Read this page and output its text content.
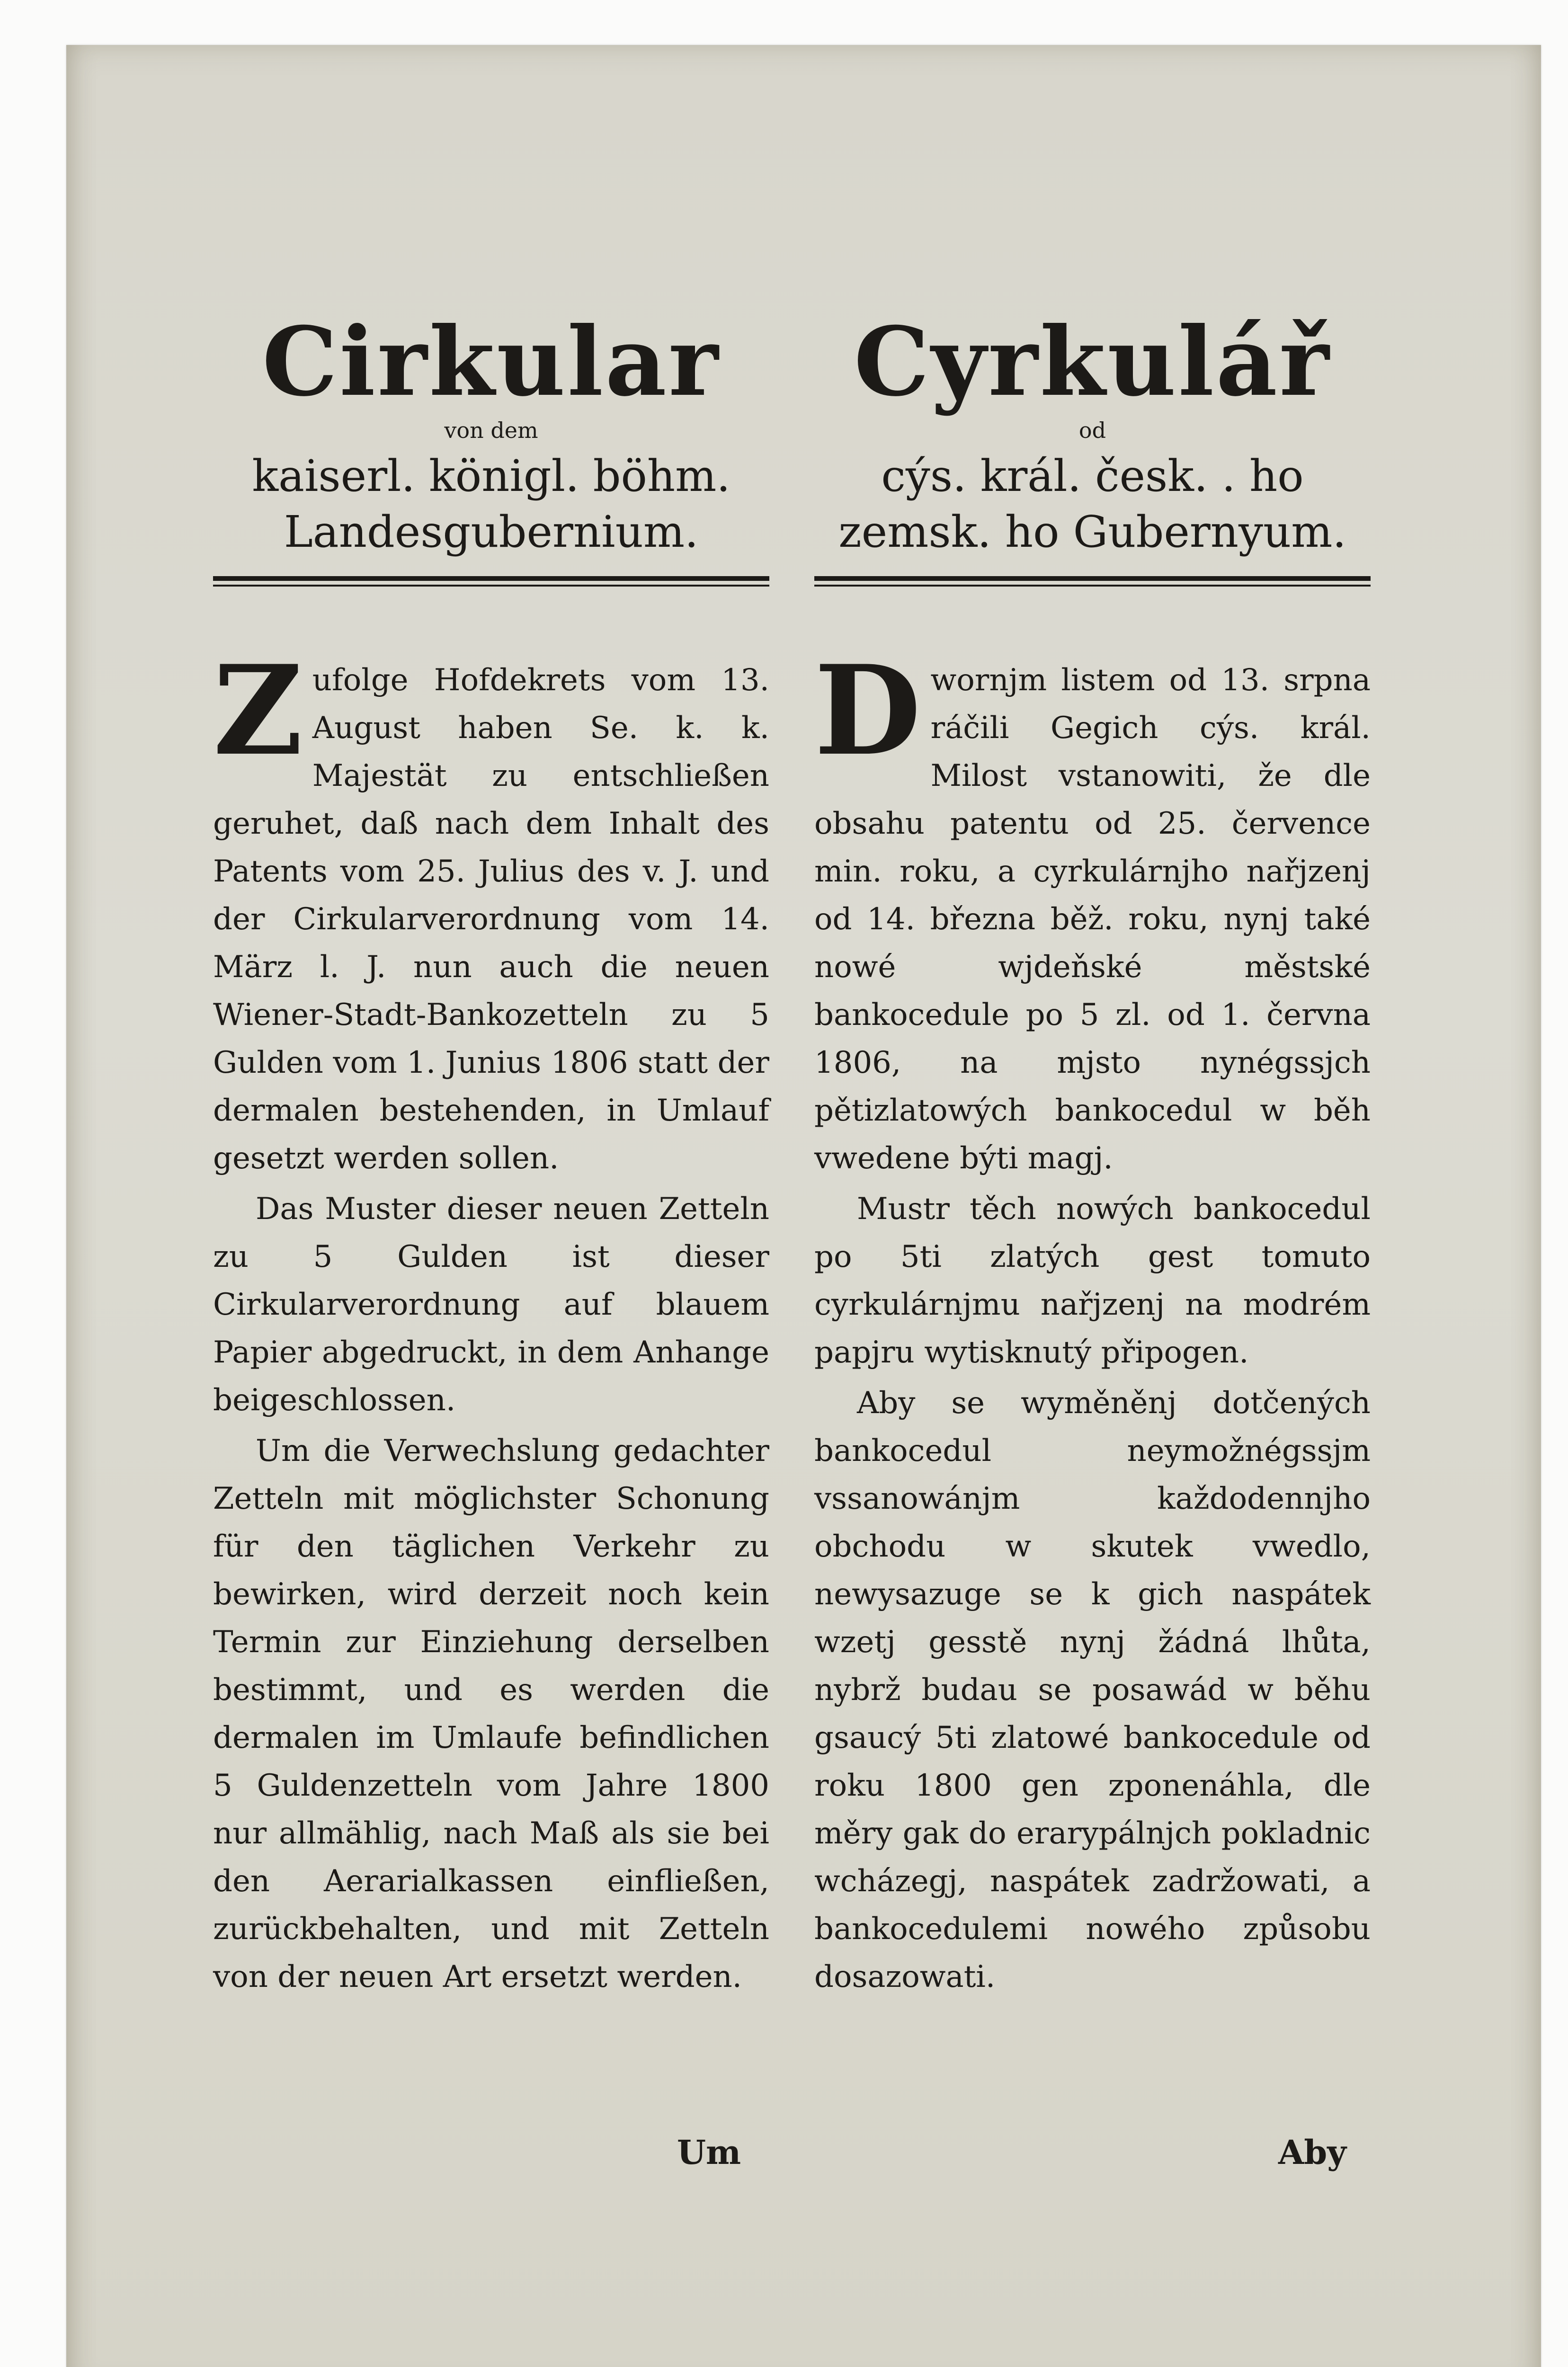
Cirkular

von dem

kaiserl. königl. böhm. Landesgubernium.

Zufolge Hofdekrets vom 13. August haben Se. k. k. Majestät zu entschließen geruhet, daß nach dem Inhalt des Patents vom 25. Julius des v. J. und der Cirkularverordnung vom 14. März l. J. nun auch die neuen Wiener-Stadt-Bankozetteln zu 5 Gulden vom 1. Junius 1806 statt der dermalen bestehenden, in Umlauf gesetzt werden sollen.

Das Muster dieser neuen Zetteln zu 5 Gulden ist dieser Cirkularverordnung auf blauem Papier abgedruckt, in dem Anhange beigeschlossen.

Um die Verwechslung gedachter Zetteln mit möglichster Schonung für den täglichen Verkehr zu bewirken, wird derzeit noch kein Termin zur Einziehung derselben bestimmt, und es werden die dermalen im Umlaufe befindlichen 5 Guldenzetteln vom Jahre 1800 nur allmählig, nach Maß als sie bei den Aerarialkassen einfließen, zurückbehalten, und mit Zetteln von der neuen Art ersetzt werden.

Cyrkulář

od

cýs. král. česk. . ho zemsk. ho Gubernyum.

Dwornjm listem od 13. srpna ráčili Gegich cýs. král. Milost vstanowiti, že dle obsahu patentu od 25. července min. roku, a cyrkulárnjho nařjzenj od 14. března běž. roku, nynj také nowé wjdeňské městské bankocedule po 5 zl. od 1. června 1806, na mjsto nynégssjch pětizlatowých bankocedul w běh vwedene býti magj.

Mustr těch nowých bankocedul po 5ti zlatých gest tomuto cyrkulárnjmu nařjzenj na modrém papjru wytisknutý připogen.

Aby se wyměněnj dotčených bankocedul neymožnégssjm vssanowánjm každodennjho obchodu w skutek vwedlo, newysazuge se k gich naspátek wzetj gesstě nynj žádná lhůta, nybrž budau se posawád w běhu gsaucý 5ti zlatowé bankocedule od roku 1800 gen zponenáhla, dle měry gak do erarypálnjch pokladnic wcházegj, naspátek zadržowati, a bankocedulemi nowého způsobu dosazowati.

Um	Aby
